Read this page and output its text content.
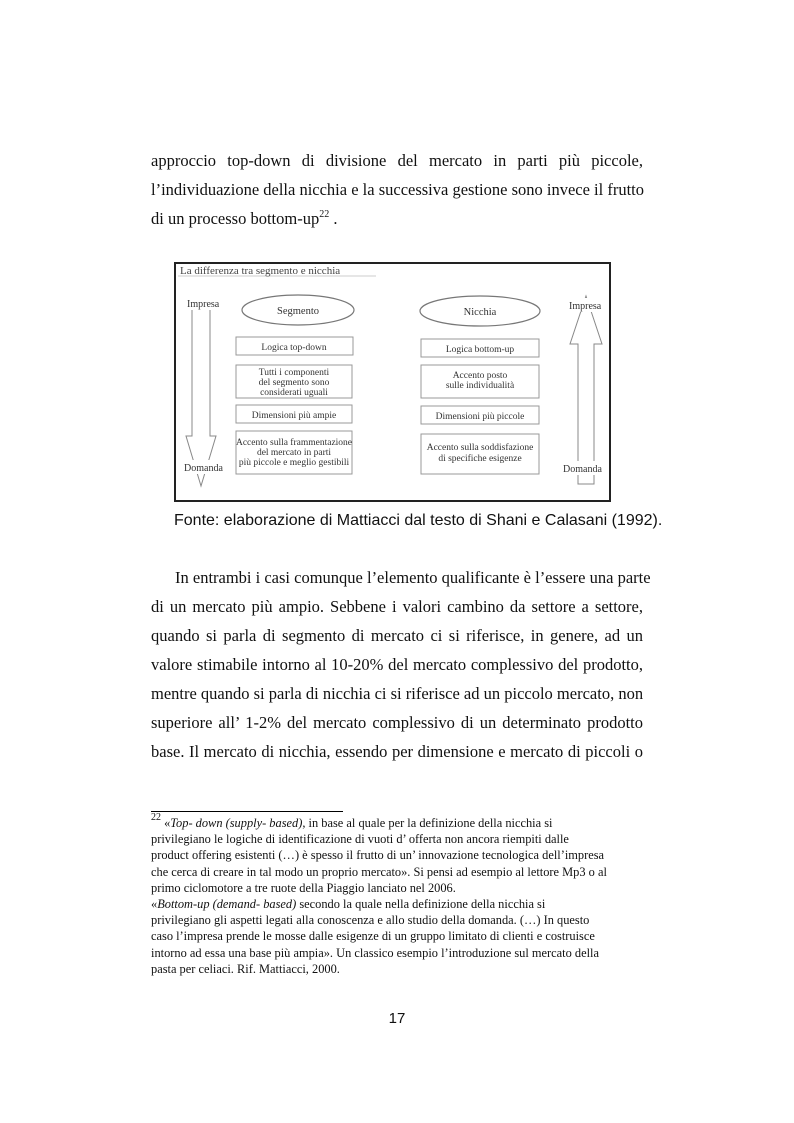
approccio top-down di divisione del mercato in parti più piccole,
l’individuazione della nicchia e la successiva gestione sono invece il frutto
di un processo bottom-$up^{22}$ .

La differenza tra segmento e nicchia
Impresa
Domanda
Impresa
Domanda
Segmento	Nicchia
Logica top-down
Tutti i componenti
del segmento sono
considerati uguali
Dimensioni più ampie
Accento sulla frammentazione
del mercato in parti
più piccole e meglio gestibili
Logica bottom-up
Accento posto
sulle individualità
Dimensioni più piccole
Accento sulla soddisfazione
di specifiche esigenze

Fonte: elaborazione di Mattiacci dal testo di Shani e Calasani (1992).

In entrambi i casi comunque l’elemento qualificante è l’essere una parte
di un mercato più ampio. Sebbene i valori cambino da settore a settore,
quando si parla di segmento di mercato ci si riferisce, in genere, ad un
valore stimabile intorno al 10-20% del mercato complessivo del prodotto,
mentre quando si parla di nicchia ci si riferisce ad un piccolo mercato, non
superiore all’ 1-2% del mercato complessivo di un determinato prodotto
base. Il mercato di nicchia, essendo per dimensione e mercato di piccoli o

$^{22}$ «Top- down (supply- based), in base al quale per la definizione della nicchia si
privilegiano le logiche di identificazione di vuoti d’ offerta non ancora riempiti dalle
product offering esistenti (…) è spesso il frutto di un’ innovazione tecnologica dell’impresa
che cerca di creare in tal modo un proprio mercato». Si pensi ad esempio al lettore Mp3 o al
primo ciclomotore a tre ruote della Piaggio lanciato nel 2006.
«Bottom-up (demand- based) secondo la quale nella definizione della nicchia si
privilegiano gli aspetti legati alla conoscenza e allo studio della domanda. (…) In questo
caso l’impresa prende le mosse dalle esigenze di un gruppo limitato di clienti e costruisce
intorno ad essa una base più ampia». Un classico esempio l’introduzione sul mercato della
pasta per celiaci. Rif. Mattiacci, 2000.

17
